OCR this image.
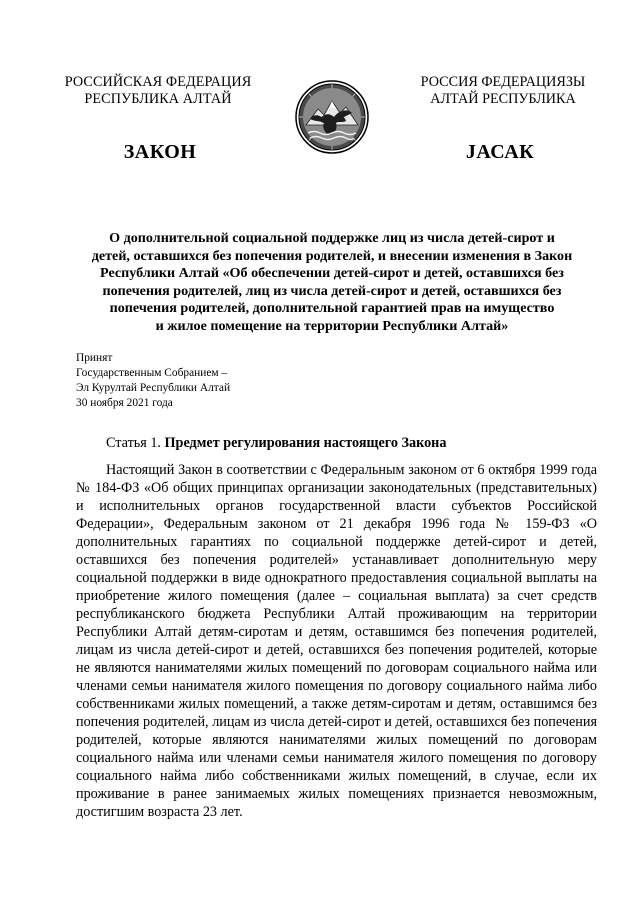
РОССИЙСКАЯ ФЕДЕРАЦИЯ
РЕСПУБЛИКА АЛТАЙ
РОССИЯ ФЕДЕРАЦИЯЗЫ
АЛТАЙ РЕСПУБЛИКА
ЗАКОН	JАСАК
О дополнительной социальной поддержке лиц из числа детей-сирот и
детей, оставшихся без попечения родителей, и внесении изменения в Закон
Республики Алтай «Об обеспечении детей-сирот и детей, оставшихся без
попечения родителей, лиц из числа детей-сирот и детей, оставшихся без
попечения родителей, дополнительной гарантией прав на имущество
и жилое помещение на территории Республики Алтай»
Принят
Государственным Собранием –
Эл Курултай Республики Алтай
30 ноября 2021 года
Статья 1. Предмет регулирования настоящего Закона
Настоящий Закон в соответствии с Федеральным законом от 6 октября 1999 года № 184-ФЗ «Об общих принципах организации законодательных (представительных) и исполнительных органов государственной власти субъектов Российской Федерации», Федеральным законом от 21 декабря 1996 года № 159-ФЗ «О дополнительных гарантиях по социальной поддержке детей-сирот и детей, оставшихся без попечения родителей» устанавливает дополнительную меру социальной поддержки в виде однократного предоставления социальной выплаты на приобретение жилого помещения (далее – социальная выплата) за счет средств республиканского бюджета Республики Алтай проживающим на территории Республики Алтай детям-сиротам и детям, оставшимся без попечения родителей, лицам из числа детей-сирот и детей, оставшихся без попечения родителей, которые не являются нанимателями жилых помещений по договорам социального найма или членами семьи нанимателя жилого помещения по договору социального найма либо собственниками жилых помещений, а также детям-сиротам и детям, оставшимся без попечения родителей, лицам из числа детей-сирот и детей, оставшихся без попечения родителей, которые являются нанимателями жилых помещений по договорам социального найма или членами семьи нанимателя жилого помещения по договору социального найма либо собственниками жилых помещений, в случае, если их проживание в ранее занимаемых жилых помещениях признается невозможным, достигшим возраста 23 лет.
